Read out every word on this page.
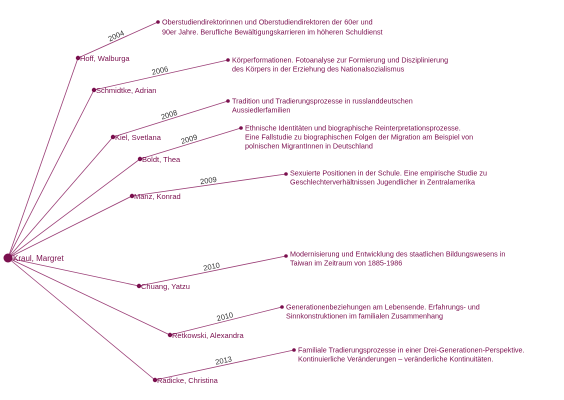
2004
Hoff, Walburga
Oberstudiendirektorinnen und Oberstudiendirektoren der 60er und
90er Jahre. Berufliche Bewältigungskarrieren im höheren Schuldienst
2006
Schmidtke, Adrian
Körperformationen. Fotoanalyse zur Formierung und Disziplinierung
des Körpers in der Erziehung des Nationalsozialismus
2008
Kiel, Svetlana
Tradition und Tradierungsprozesse in russlanddeutschen
Aussiedlerfamilien
2009
Boldt, Thea
Ethnische Identitäten und biographische Reinterpretationsprozesse.
Eine Fallstudie zu biographischen Folgen der Migration am Beispiel von
polnischen MigrantInnen in Deutschland
2009
Manz, Konrad
Sexuierte Positionen in der Schule. Eine empirische Studie zu
Geschlechterverhältnissen Jugendlicher in Zentralamerika
2010
Chuang, Yatzu
Modernisierung und Entwicklung des staatlichen Bildungswesens in
Taiwan im Zeitraum von 1885-1986
2010
Retkowski, Alexandra
Generationenbeziehungen am Lebensende. Erfahrungs- und
Sinnkonstruktionen im familialen Zusammenhang
2013
Radicke, Christina
Familiale Tradierungsprozesse in einer Drei-Generationen-Perspektive.
Kontinuierliche Veränderungen – veränderliche Kontinuitäten.
Kraul, Margret
